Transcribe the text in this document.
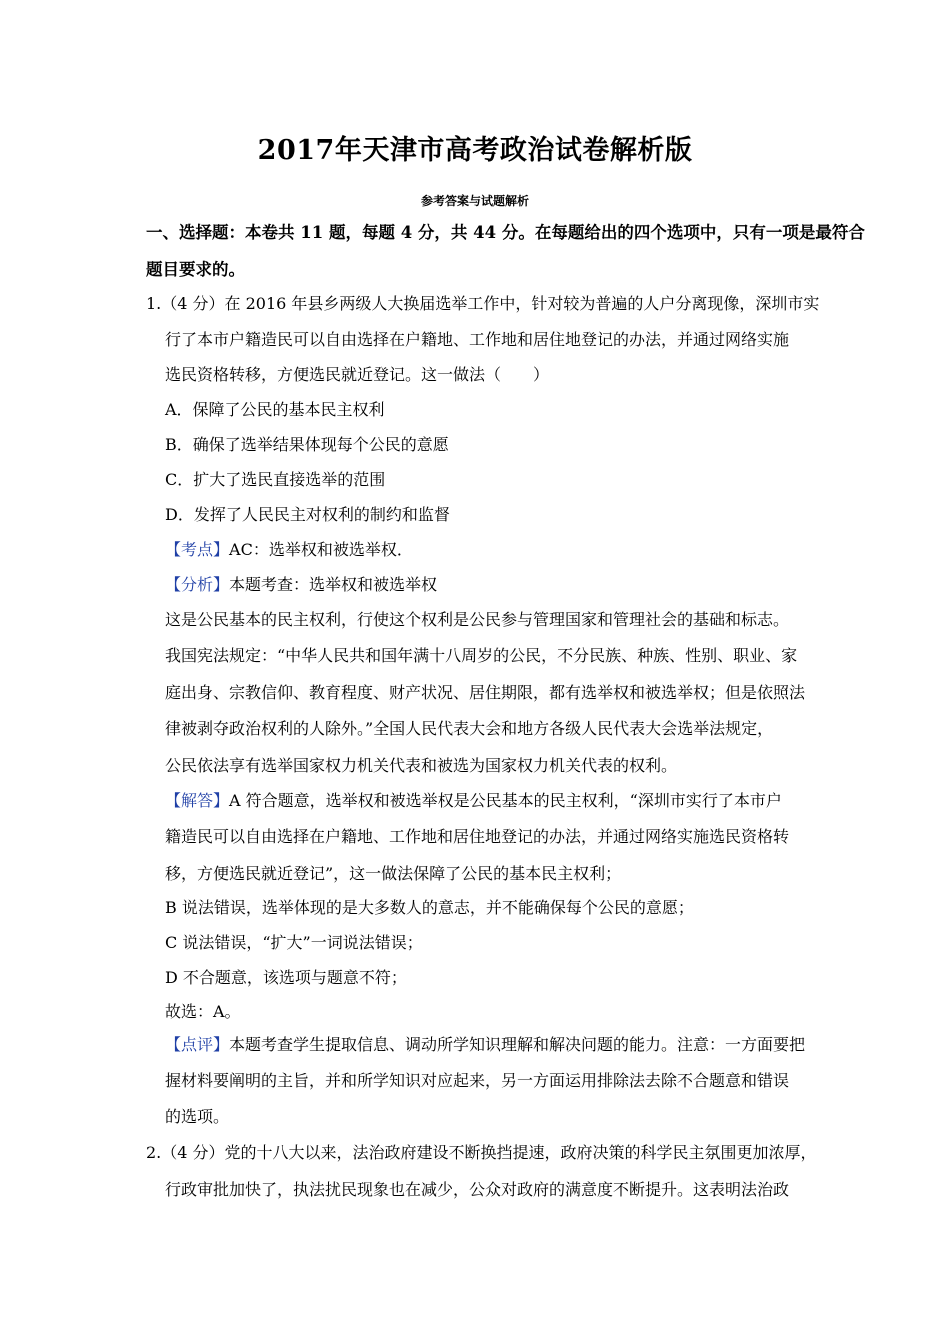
2017年天津市高考政治试卷解析版
参考答案与试题解析
一、选择题：本卷共 11 题，每题 4 分，共 44 分。在每题给出的四个选项中，只有一项是最符合
题目要求的。
1.（4 分）在 2016 年县乡两级人大换届选举工作中，针对较为普遍的人户分离现像，深圳市实
行了本市户籍造民可以自由选择在户籍地、工作地和居住地登记的办法，并通过网络实施
选民资格转移，方便选民就近登记。这一做法（　　）
A．保障了公民的基本民主权利
B．确保了选举结果体现每个公民的意愿
C．扩大了选民直接选举的范围
D．发挥了人民民主对权利的制约和监督
【考点】AC：选举权和被选举权．
【分析】本题考查：选举权和被选举权
这是公民基本的民主权利，行使这个权利是公民参与管理国家和管理社会的基础和标志。
我国宪法规定：“中华人民共和国年满十八周岁的公民，不分民族、种族、性别、职业、家
庭出身、宗教信仰、教育程度、财产状况、居住期限，都有选举权和被选举权；但是依照法
律被剥夺政治权利的人除外。”全国人民代表大会和地方各级人民代表大会选举法规定，
公民依法享有选举国家权力机关代表和被选为国家权力机关代表的权利。
【解答】A 符合题意，选举权和被选举权是公民基本的民主权利，“深圳市实行了本市户
籍造民可以自由选择在户籍地、工作地和居住地登记的办法，并通过网络实施选民资格转
移，方便选民就近登记”，这一做法保障了公民的基本民主权利；
B 说法错误，选举体现的是大多数人的意志，并不能确保每个公民的意愿；
C 说法错误，“扩大”一词说法错误；
D 不合题意，该选项与题意不符；
故选：A。
【点评】本题考查学生提取信息、调动所学知识理解和解决问题的能力。注意：一方面要把
握材料要阐明的主旨，并和所学知识对应起来，另一方面运用排除法去除不合题意和错误
的选项。
2.（4 分）党的十八大以来，法治政府建设不断换挡提速，政府决策的科学民主氛围更加浓厚，
行政审批加快了，执法扰民现象也在减少，公众对政府的满意度不断提升。这表明法治政
